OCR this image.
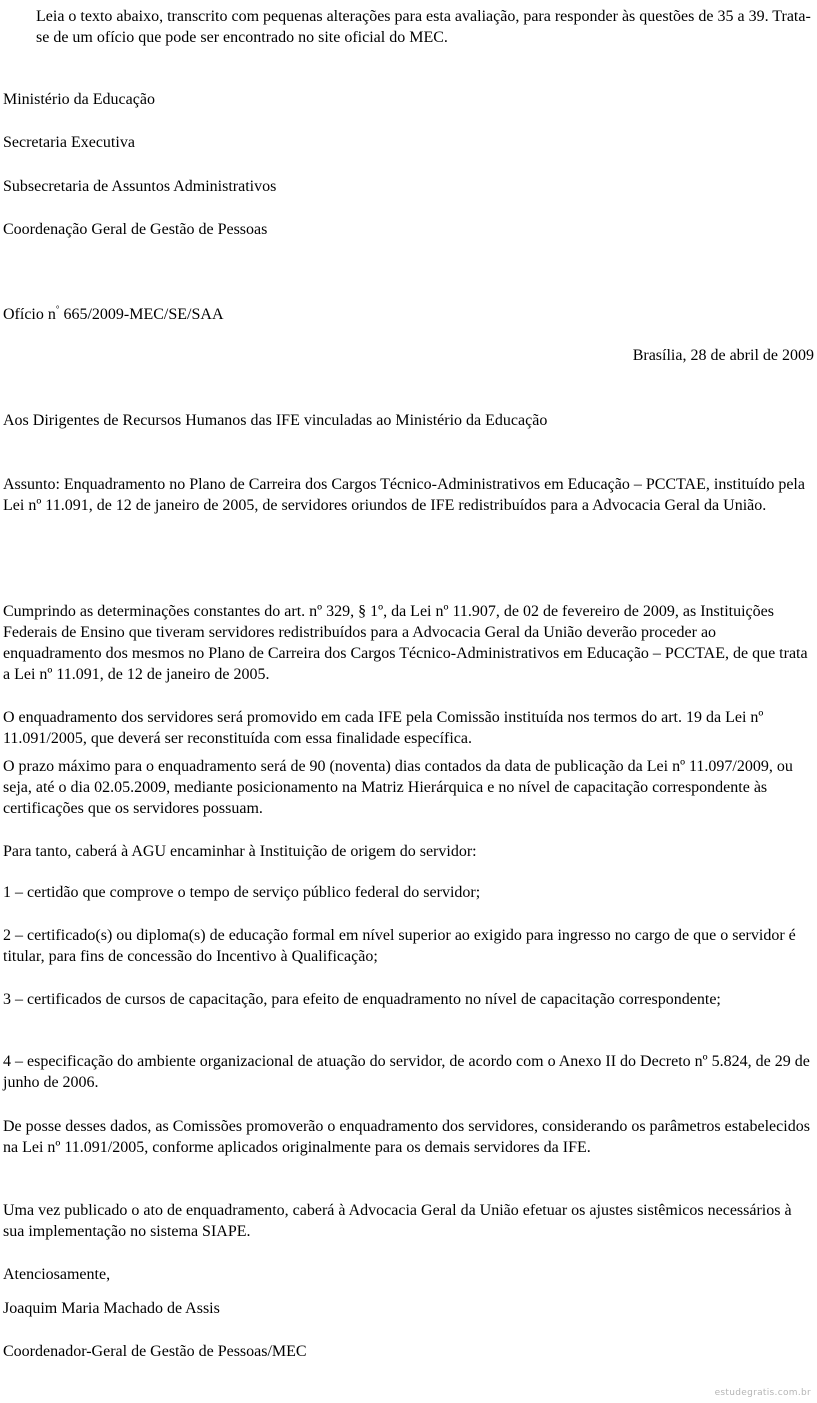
Leia o texto abaixo, transcrito com pequenas alterações para esta avaliação, para responder às questões de 35 a 39. Trata-se de um ofício que pode ser encontrado no site oficial do MEC.

Ministério da Educação

Secretaria Executiva

Subsecretaria de Assuntos Administrativos

Coordenação Geral de Gestão de Pessoas

Ofício n° 665/2009-MEC/SE/SAA

Brasília, 28 de abril de 2009

Aos Dirigentes de Recursos Humanos das IFE vinculadas ao Ministério da Educação

Assunto: Enquadramento no Plano de Carreira dos Cargos Técnico-Administrativos em Educação – PCCTAE, instituído pela Lei nº 11.091, de 12 de janeiro de 2005, de servidores oriundos de IFE redistribuídos para a Advocacia Geral da União.

Cumprindo as determinações constantes do art. nº 329, § 1º, da Lei nº 11.907, de 02 de fevereiro de 2009, as Instituições Federais de Ensino que tiveram servidores redistribuídos para a Advocacia Geral da União deverão proceder ao enquadramento dos mesmos no Plano de Carreira dos Cargos Técnico-Administrativos em Educação – PCCTAE, de que trata a Lei nº 11.091, de 12 de janeiro de 2005.

O enquadramento dos servidores será promovido em cada IFE pela Comissão instituída nos termos do art. 19 da Lei nº 11.091/2005, que deverá ser reconstituída com essa finalidade específica.

O prazo máximo para o enquadramento será de 90 (noventa) dias contados da data de publicação da Lei nº 11.097/2009, ou seja, até o dia 02.05.2009, mediante posicionamento na Matriz Hierárquica e no nível de capacitação correspondente às certificações que os servidores possuam.

Para tanto, caberá à AGU encaminhar à Instituição de origem do servidor:

1 – certidão que comprove o tempo de serviço público federal do servidor;

2 – certificado(s) ou diploma(s) de educação formal em nível superior ao exigido para ingresso no cargo de que o servidor é titular, para fins de concessão do Incentivo à Qualificação;

3 – certificados de cursos de capacitação, para efeito de enquadramento no nível de capacitação correspondente;

4 – especificação do ambiente organizacional de atuação do servidor, de acordo com o Anexo II do Decreto nº 5.824, de 29 de junho de 2006.

De posse desses dados, as Comissões promoverão o enquadramento dos servidores, considerando os parâmetros estabelecidos na Lei nº 11.091/2005, conforme aplicados originalmente para os demais servidores da IFE.

Uma vez publicado o ato de enquadramento, caberá à Advocacia Geral da União efetuar os ajustes sistêmicos necessários à sua implementação no sistema SIAPE.

Atenciosamente,

Joaquim Maria Machado de Assis

Coordenador-Geral de Gestão de Pessoas/MEC

estudegratis.com.br
